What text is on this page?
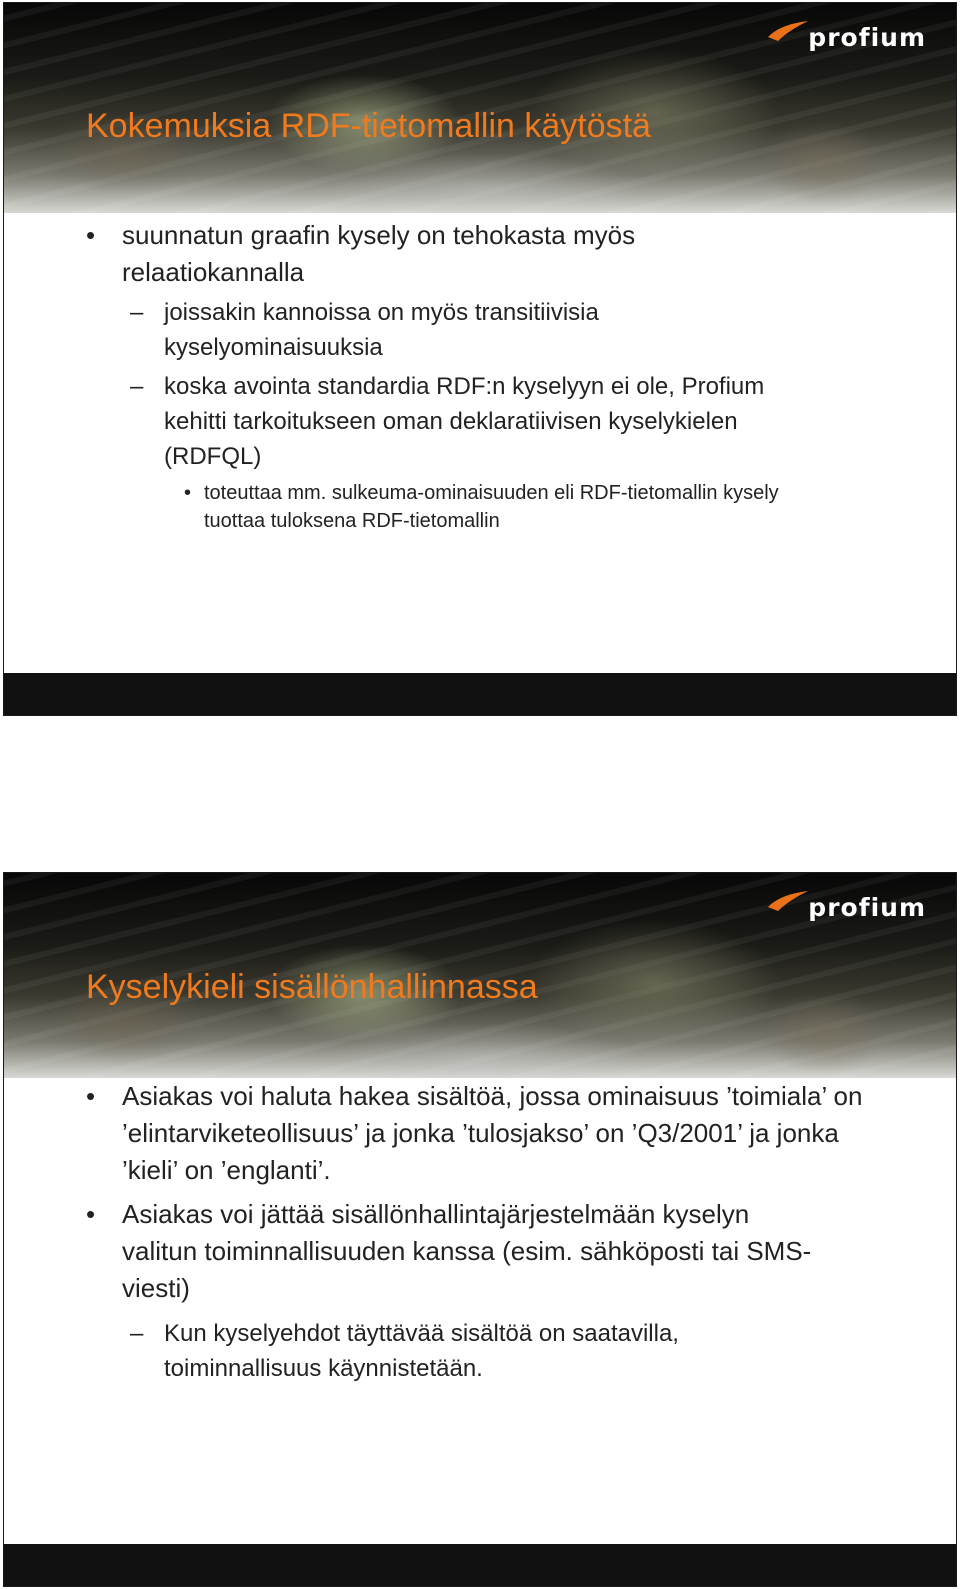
profium
Kokemuksia RDF-tietomallin käytöstä
• suunnatun graafin kysely on tehokasta myös relaatiokannalla
– joissakin kannoissa on myös transitiivisia kyselyominaisuuksia
– koska avointa standardia RDF:n kyselyyn ei ole, Profium kehitti tarkoitukseen oman deklaratiivisen kyselykielen (RDFQL)
• toteuttaa mm. sulkeuma-ominaisuuden eli RDF-tietomallin kysely tuottaa tuloksena RDF-tietomallin
profium
Kyselykieli sisällönhallinnassa
• Asiakas voi haluta hakea sisältöä, jossa ominaisuus ’toimiala’ on ’elintarviketeollisuus’ ja jonka ’tulosjakso’ on ’Q3/2001’ ja jonka ’kieli’ on ’englanti’.
• Asiakas voi jättää sisällönhallintajärjestelmään kyselyn valitun toiminnallisuuden kanssa (esim. sähköposti tai SMS-viesti)
– Kun kyselyehdot täyttävää sisältöä on saatavilla, toiminnallisuus käynnistetään.
